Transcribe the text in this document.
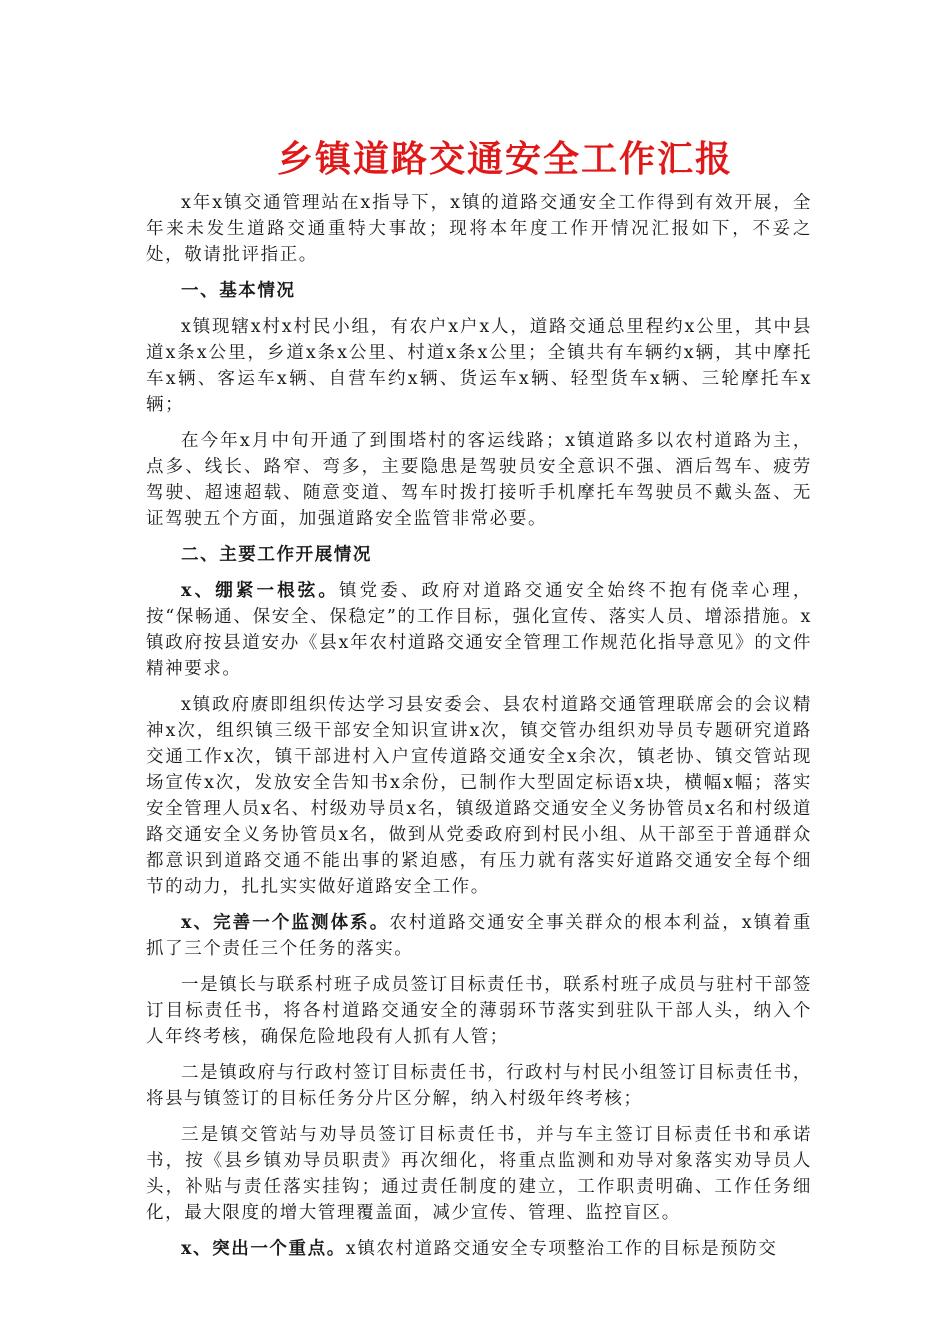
乡镇道路交通安全工作汇报

x年x镇交通管理站在x指导下，x镇的道路交通安全工作得到有效开展，全年来未发生道路交通重特大事故；现将本年度工作开情况汇报如下，不妥之处，敬请批评指正。

一、基本情况

x镇现辖x村x村民小组，有农户x户x人，道路交通总里程约x公里，其中县道x条x公里，乡道x条x公里、村道x条x公里；全镇共有车辆约x辆，其中摩托车x辆、客运车x辆、自营车约x辆、货运车x辆、轻型货车x辆、三轮摩托车x辆；

在今年x月中旬开通了到围塔村的客运线路；x镇道路多以农村道路为主，点多、线长、路窄、弯多，主要隐患是驾驶员安全意识不强、酒后驾车、疲劳驾驶、超速超载、随意变道、驾车时拨打接听手机摩托车驾驶员不戴头盔、无证驾驶五个方面，加强道路安全监管非常必要。

二、主要工作开展情况

x、绷紧一根弦。镇党委、政府对道路交通安全始终不抱有侥幸心理，按“保畅通、保安全、保稳定”的工作目标，强化宣传、落实人员、增添措施。x镇政府按县道安办《县x年农村道路交通安全管理工作规范化指导意见》的文件精神要求。

x镇政府赓即组织传达学习县安委会、县农村道路交通管理联席会的会议精神x次，组织镇三级干部安全知识宣讲x次，镇交管办组织劝导员专题研究道路交通工作x次，镇干部进村入户宣传道路交通安全x余次，镇老协、镇交管站现场宣传x次，发放安全告知书x余份，已制作大型固定标语x块，横幅x幅；落实安全管理人员x名、村级劝导员x名，镇级道路交通安全义务协管员x名和村级道路交通安全义务协管员x名，做到从党委政府到村民小组、从干部至于普通群众都意识到道路交通不能出事的紧迫感，有压力就有落实好道路交通安全每个细节的动力，扎扎实实做好道路安全工作。

x、完善一个监测体系。农村道路交通安全事关群众的根本利益，x镇着重抓了三个责任三个任务的落实。

一是镇长与联系村班子成员签订目标责任书，联系村班子成员与驻村干部签订目标责任书，将各村道路交通安全的薄弱环节落实到驻队干部人头，纳入个人年终考核，确保危险地段有人抓有人管；

二是镇政府与行政村签订目标责任书，行政村与村民小组签订目标责任书，将县与镇签订的目标任务分片区分解，纳入村级年终考核；

三是镇交管站与劝导员签订目标责任书，并与车主签订目标责任书和承诺书，按《县乡镇劝导员职责》再次细化，将重点监测和劝导对象落实劝导员人头，补贴与责任落实挂钩；通过责任制度的建立，工作职责明确、工作任务细化，最大限度的增大管理覆盖面，减少宣传、管理、监控盲区。

x、突出一个重点。x镇农村道路交通安全专项整治工作的目标是预防交
